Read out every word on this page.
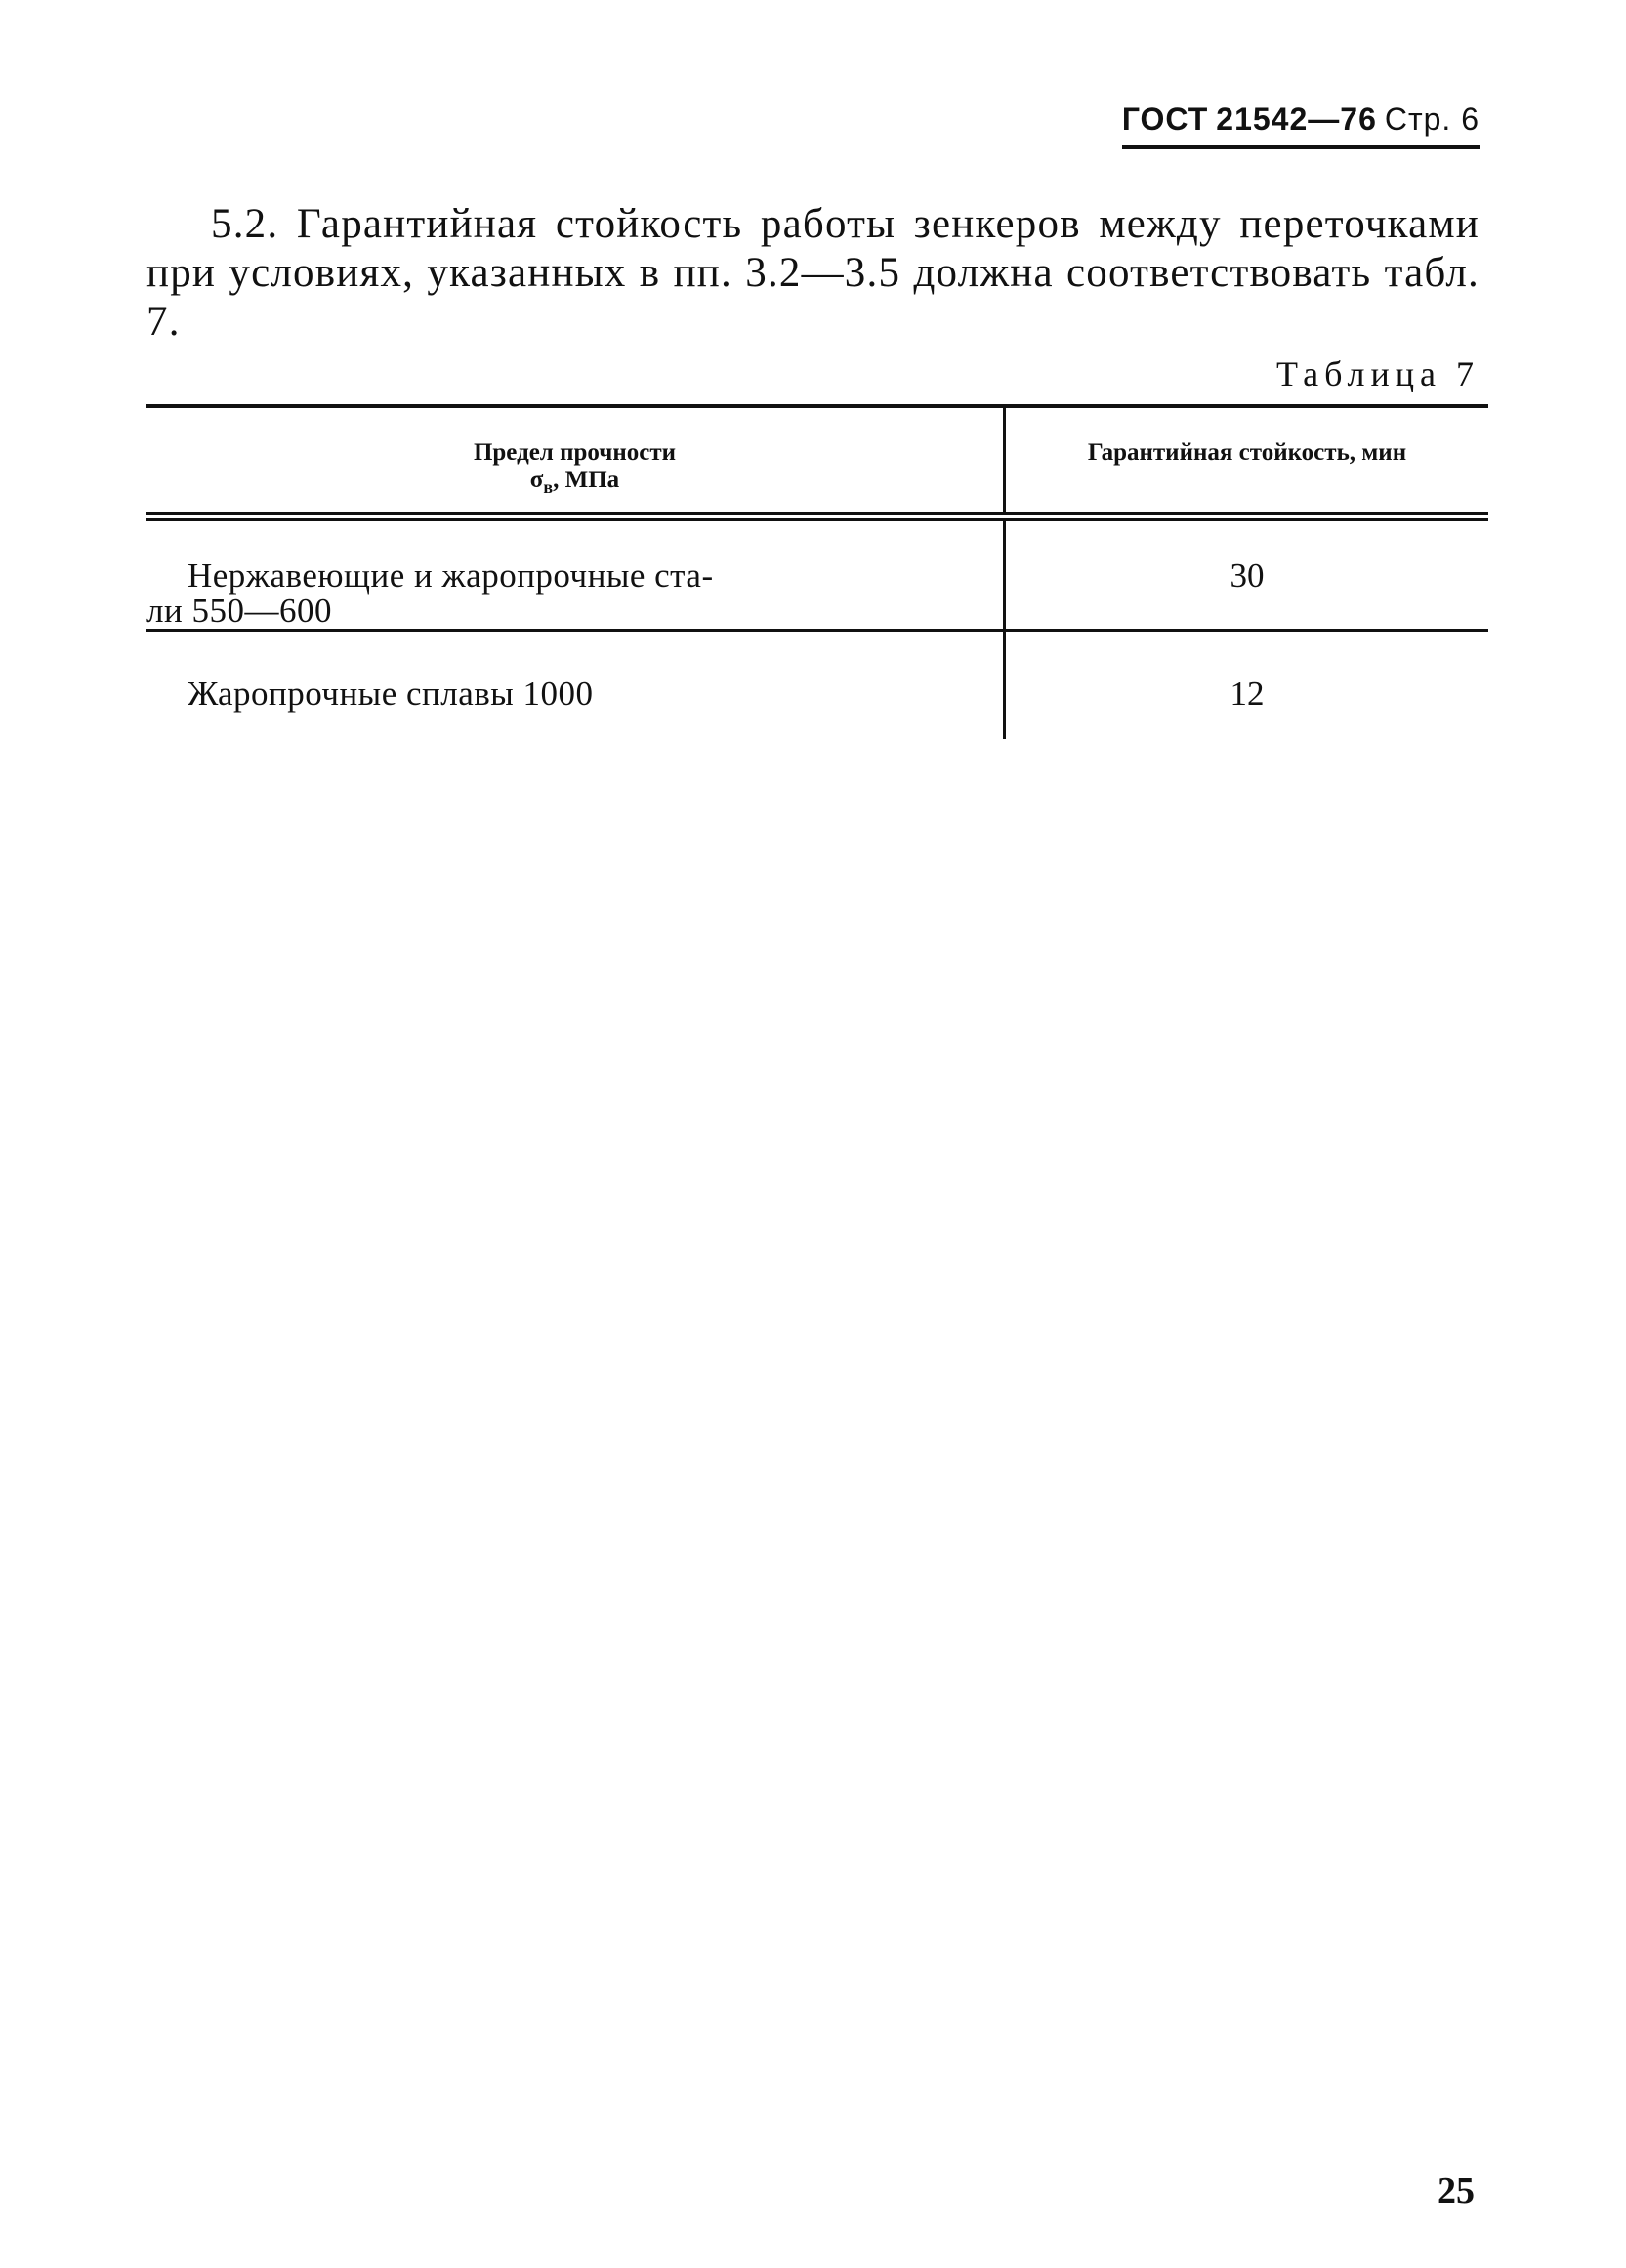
ГОСТ 21542—76 Стр. 6
5.2. Гарантийная стойкость работы зенкеров между переточками при условиях, указанных в пп. 3.2—3.5 должна соответствовать табл. 7.
Таблица 7
Предел прочности
$\sigma_в$, МПа
Гарантийная стойкость, мин
Нержавеющие и жаропрочные ста-
ли 550—600
30
Жаропрочные сплавы 1000	12
25
